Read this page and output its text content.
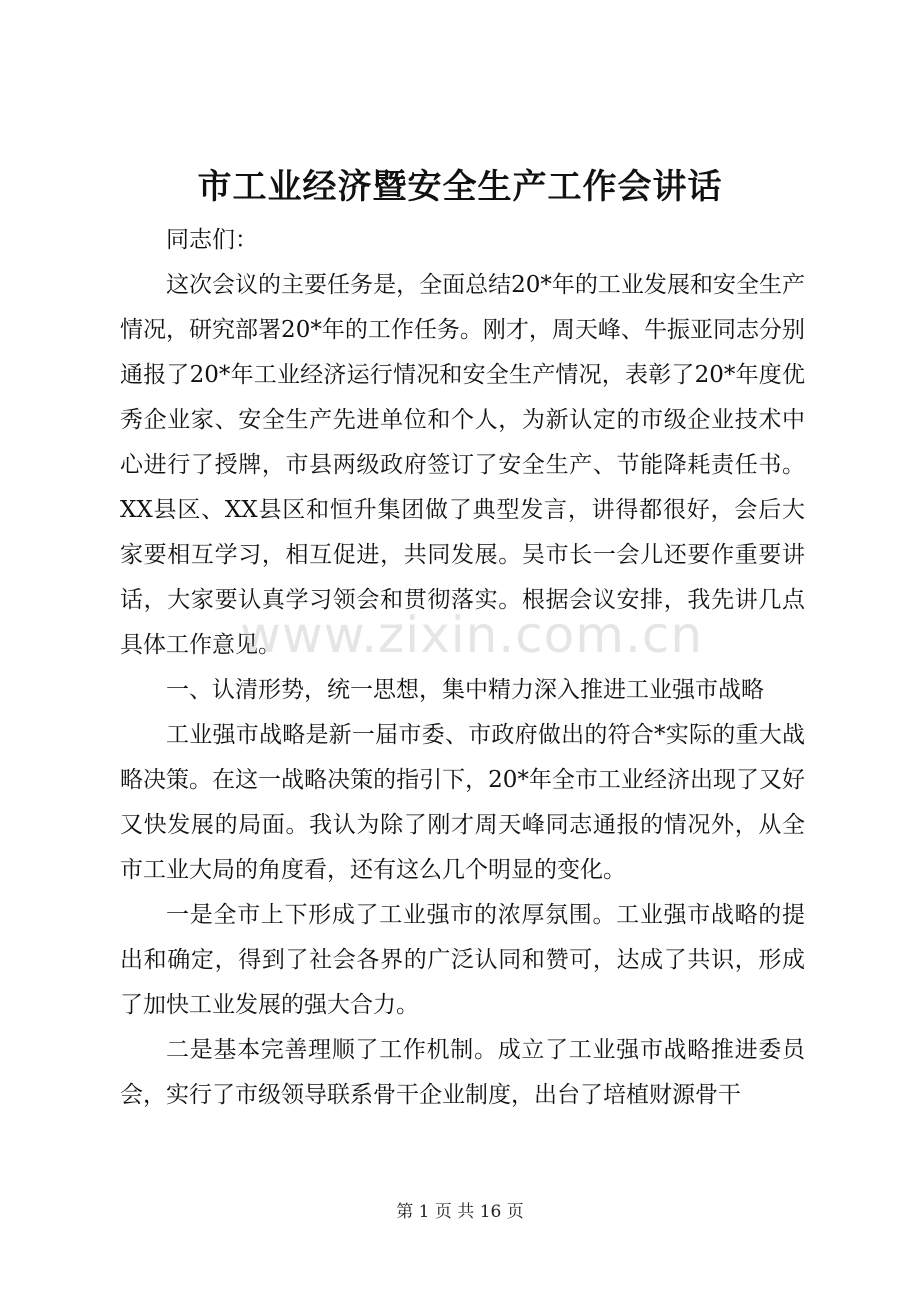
市工业经济暨安全生产工作会讲话

同志们：

这次会议的主要任务是，全面总结20*年的工业发展和安全生产情况，研究部署20*年的工作任务。刚才，周天峰、牛振亚同志分别通报了20*年工业经济运行情况和安全生产情况，表彰了20*年度优秀企业家、安全生产先进单位和个人，为新认定的市级企业技术中心进行了授牌，市县两级政府签订了安全生产、节能降耗责任书。XX县区、XX县区和恒升集团做了典型发言，讲得都很好，会后大家要相互学习，相互促进，共同发展。吴市长一会儿还要作重要讲话，大家要认真学习领会和贯彻落实。根据会议安排，我先讲几点具体工作意见。

一、认清形势，统一思想，集中精力深入推进工业强市战略

工业强市战略是新一届市委、市政府做出的符合*实际的重大战略决策。在这一战略决策的指引下，20*年全市工业经济出现了又好又快发展的局面。我认为除了刚才周天峰同志通报的情况外，从全市工业大局的角度看，还有这么几个明显的变化。

一是全市上下形成了工业强市的浓厚氛围。工业强市战略的提出和确定，得到了社会各界的广泛认同和赞可，达成了共识，形成了加快工业发展的强大合力。

二是基本完善理顺了工作机制。成立了工业强市战略推进委员会，实行了市级领导联系骨干企业制度，出台了培植财源骨干

www.zixin.com.cn
第 1 页 共 16 页
